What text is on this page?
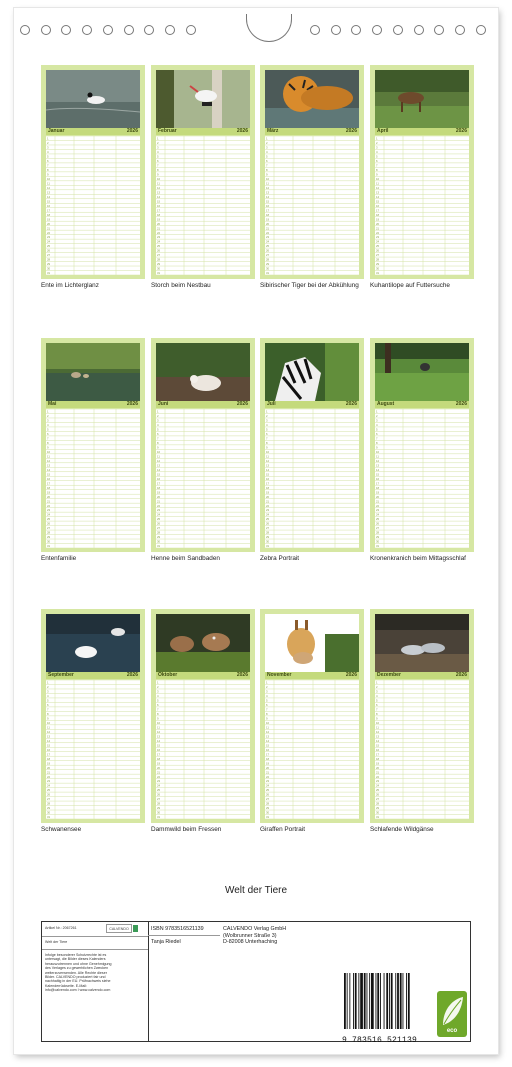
Januar	2026
1
2
3
4
5
6
7
8
9
10
11
12
13
14
15
16
17
18
19
20
21
22
23
24
25
26
27
28
29
30
31
Ente im Lichterglanz
Februar	2026
1
2
3
4
5
6
7
8
9
10
11
12
13
14
15
16
17
18
19
20
21
22
23
24
25
26
27
28
29
30
31
Storch beim Nestbau
März	2026
1
2
3
4
5
6
7
8
9
10
11
12
13
14
15
16
17
18
19
20
21
22
23
24
25
26
27
28
29
30
31
Sibirischer Tiger bei der Abkühlung
April	2026
1
2
3
4
5
6
7
8
9
10
11
12
13
14
15
16
17
18
19
20
21
22
23
24
25
26
27
28
29
30
31
Kuhantilope auf Futtersuche
Mai	2026
1
2
3
4
5
6
7
8
9
10
11
12
13
14
15
16
17
18
19
20
21
22
23
24
25
26
27
28
29
30
31
Entenfamilie
Juni	2026
1
2
3
4
5
6
7
8
9
10
11
12
13
14
15
16
17
18
19
20
21
22
23
24
25
26
27
28
29
30
31
Henne beim Sandbaden
Juli	2026
1
2
3
4
5
6
7
8
9
10
11
12
13
14
15
16
17
18
19
20
21
22
23
24
25
26
27
28
29
30
31
Zebra Portrait
August	2026
1
2
3
4
5
6
7
8
9
10
11
12
13
14
15
16
17
18
19
20
21
22
23
24
25
26
27
28
29
30
31
Kronenkranich beim Mittagsschlaf
September	2026
1
2
3
4
5
6
7
8
9
10
11
12
13
14
15
16
17
18
19
20
21
22
23
24
25
26
27
28
29
30
31
Schwanensee
Oktober	2026
1
2
3
4
5
6
7
8
9
10
11
12
13
14
15
16
17
18
19
20
21
22
23
24
25
26
27
28
29
30
31
Dammwild beim Fressen
November	2026
1
2
3
4
5
6
7
8
9
10
11
12
13
14
15
16
17
18
19
20
21
22
23
24
25
26
27
28
29
30
31
Giraffen Portrait
Dezember	2026
1
2
3
4
5
6
7
8
9
10
11
12
13
14
15
16
17
18
19
20
21
22
23
24
25
26
27
28
29
30
31
Schlafende Wildgänse
Welt der Tiere
Artikel Nr.: 2067261	CALVENDO
Welt der Tiere
Infolge besonderer Schutzrechte ist es untersagt, die Bilder dieses Kalenders herauszutrennen und ohne Genehmigung des Verlages zu gewerblichen Zwecken weiterzuverwenden. Alle Rechte dieser Bilder. CALVENDO produziert fair und nachhaltig in der EU. Prüfnachweis siehe Kalenderrückseite. E-Mail: info@calvendo.com I www.calvendo.com
ISBN 9783516521139
Tanja Riedel
CALVENDO Verlag GmbH
(Wolbrunner Straße 3)
D-82008 Unterhaching
9 783516 521139
eco
